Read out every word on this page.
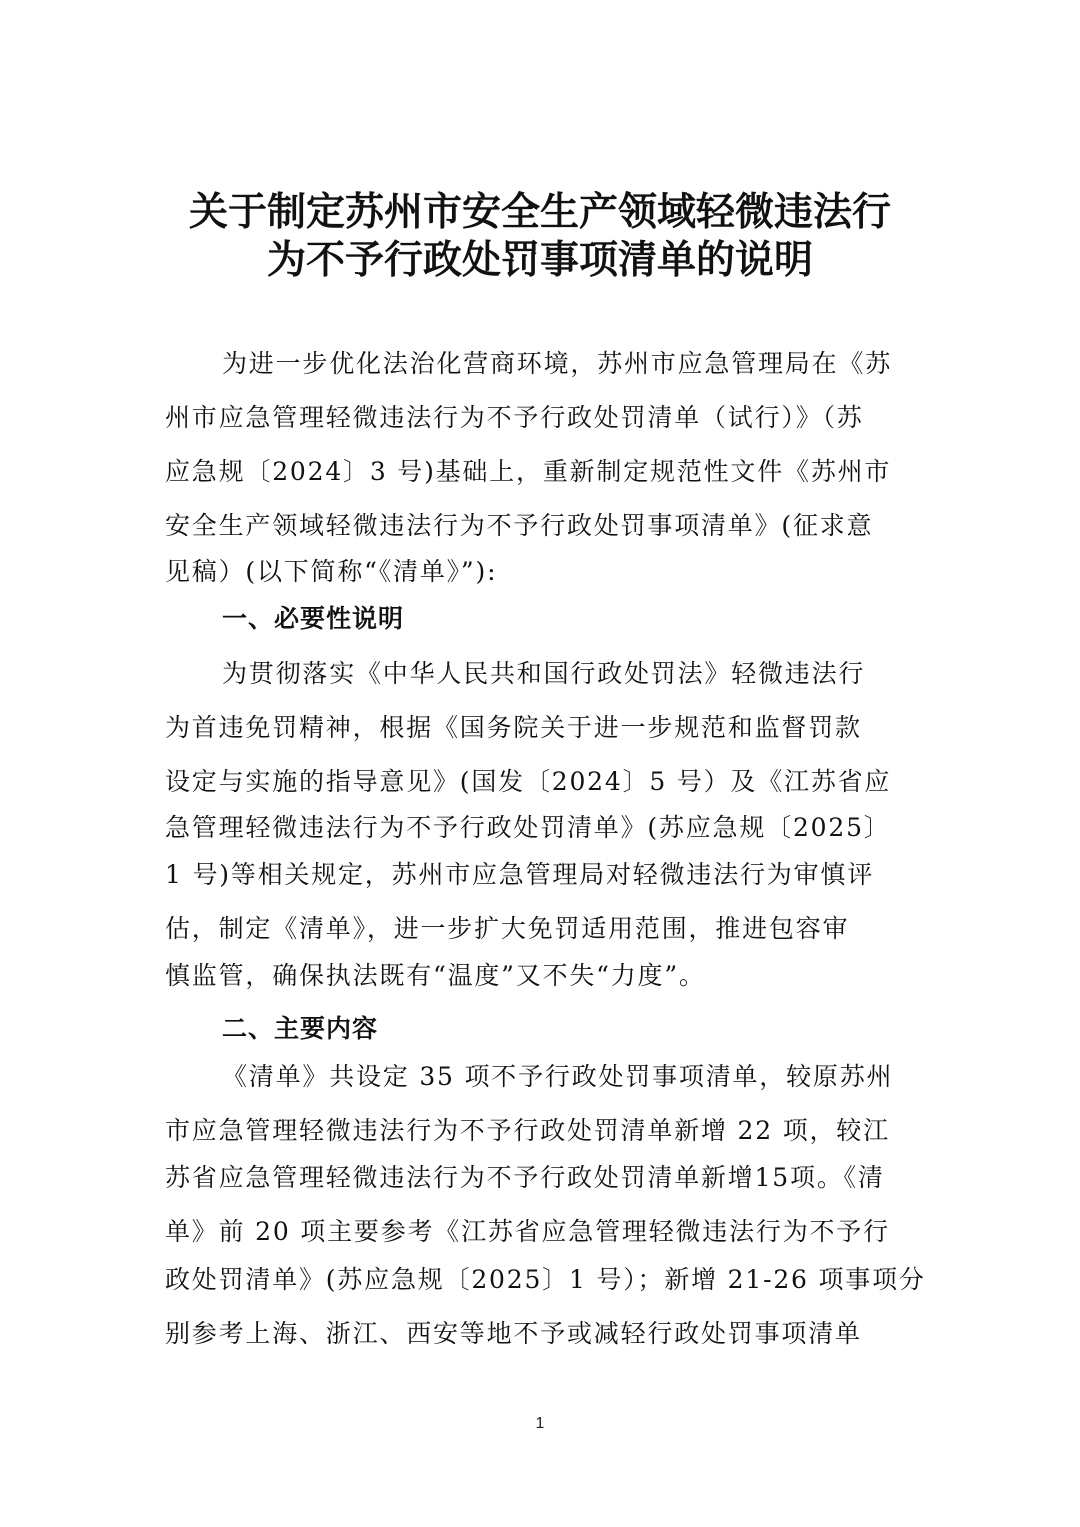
关于制定苏州市安全生产领域轻微违法行
为不予行政处罚事项清单的说明

为进一步优化法治化营商环境，苏州市应急管理局在《苏

州市应急管理轻微违法行为不予行政处罚清单（试行）》（苏

应急规〔2024〕3 号)基础上，重新制定规范性文件《苏州市

安全生产领域轻微违法行为不予行政处罚事项清单》(征求意

见稿）(以下简称“《清单》”):

一、必要性说明

为贯彻落实《中华人民共和国行政处罚法》轻微违法行

为首违免罚精神，根据《国务院关于进一步规范和监督罚款

设定与实施的指导意见》(国发〔2024〕5 号）及《江苏省应

急管理轻微违法行为不予行政处罚清单》(苏应急规〔2025〕

1 号)等相关规定，苏州市应急管理局对轻微违法行为审慎评

估，制定《清单》，进一步扩大免罚适用范围，推进包容审

慎监管，确保执法既有“温度”又不失“力度”。

二、主要内容

《清单》共设定 35 项不予行政处罚事项清单，较原苏州

市应急管理轻微违法行为不予行政处罚清单新增 22 项，较江

苏省应急管理轻微违法行为不予行政处罚清单新增15项。《清

单》前 20 项主要参考《江苏省应急管理轻微违法行为不予行

政处罚清单》(苏应急规〔2025〕1 号）；新增 21-26 项事项分

别参考上海、浙江、西安等地不予或减轻行政处罚事项清单

1
